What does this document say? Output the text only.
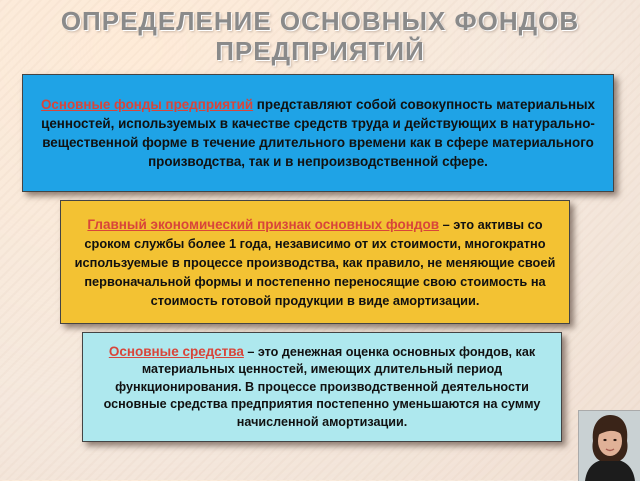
ОПРЕДЕЛЕНИЕ ОСНОВНЫХ ФОНДОВ
ПРЕДПРИЯТИЙ

Основные фонды предприятий представляют собой совокупность материальных ценностей, используемых в качестве средств труда и действующих в натурально-вещественной форме в течение длительного времени как в сфере материального производства, так и в непроизводственной сфере.

Главный экономический признак основных фондов – это активы со сроком службы более 1 года, независимо от их стоимости, многократно используемые в процессе производства, как правило, не меняющие своей первоначальной формы и постепенно переносящие свою стоимость на стоимость готовой продукции в виде амортизации.

Основные средства – это денежная оценка основных фондов, как материальных ценностей, имеющих длительный период функционирования. В процессе производственной деятельности основные средства предприятия постепенно уменьшаются на сумму начисленной амортизации.
